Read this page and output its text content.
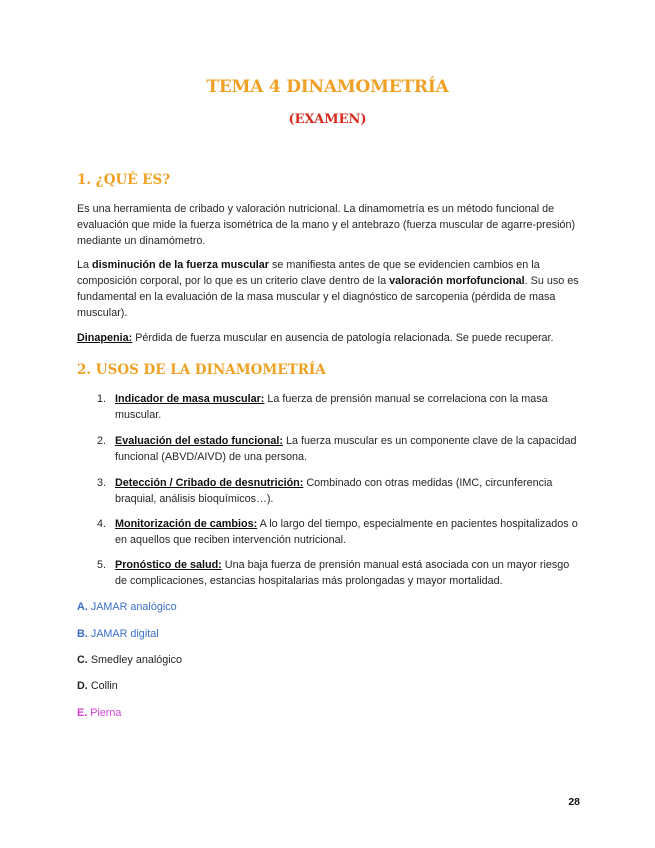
TEMA 4 DINAMOMETRÍA
(EXAMEN)
1. ¿QUÉ ES?
Es una herramienta de cribado y valoración nutricional. La dinamometría es un método funcional de evaluación que mide la fuerza isométrica de la mano y el antebrazo (fuerza muscular de agarre-presión) mediante un dinamómetro.
La disminución de la fuerza muscular se manifiesta antes de que se evidencien cambios en la composición corporal, por lo que es un criterio clave dentro de la valoración morfofuncional. Su uso es fundamental en la evaluación de la masa muscular y el diagnóstico de sarcopenia (pérdida de masa muscular).
Dinapenia: Pérdida de fuerza muscular en ausencia de patología relacionada. Se puede recuperar.
2. USOS DE LA DINAMOMETRÍA
1. Indicador de masa muscular: La fuerza de prensión manual se correlaciona con la masa muscular.
2. Evaluación del estado funcional: La fuerza muscular es un componente clave de la capacidad funcional (ABVD/AIVD) de una persona.
3. Detección / Cribado de desnutrición: Combinado con otras medidas (IMC, circunferencia braquial, análisis bioquímicos…).
4. Monitorización de cambios: A lo largo del tiempo, especialmente en pacientes hospitalizados o en aquellos que reciben intervención nutricional.
5. Pronóstico de salud: Una baja fuerza de prensión manual está asociada con un mayor riesgo de complicaciones, estancias hospitalarias más prolongadas y mayor mortalidad.
A. JAMAR analógico
B. JAMAR digital
C. Smedley analógico
D. Collin
E. Pierna
28
